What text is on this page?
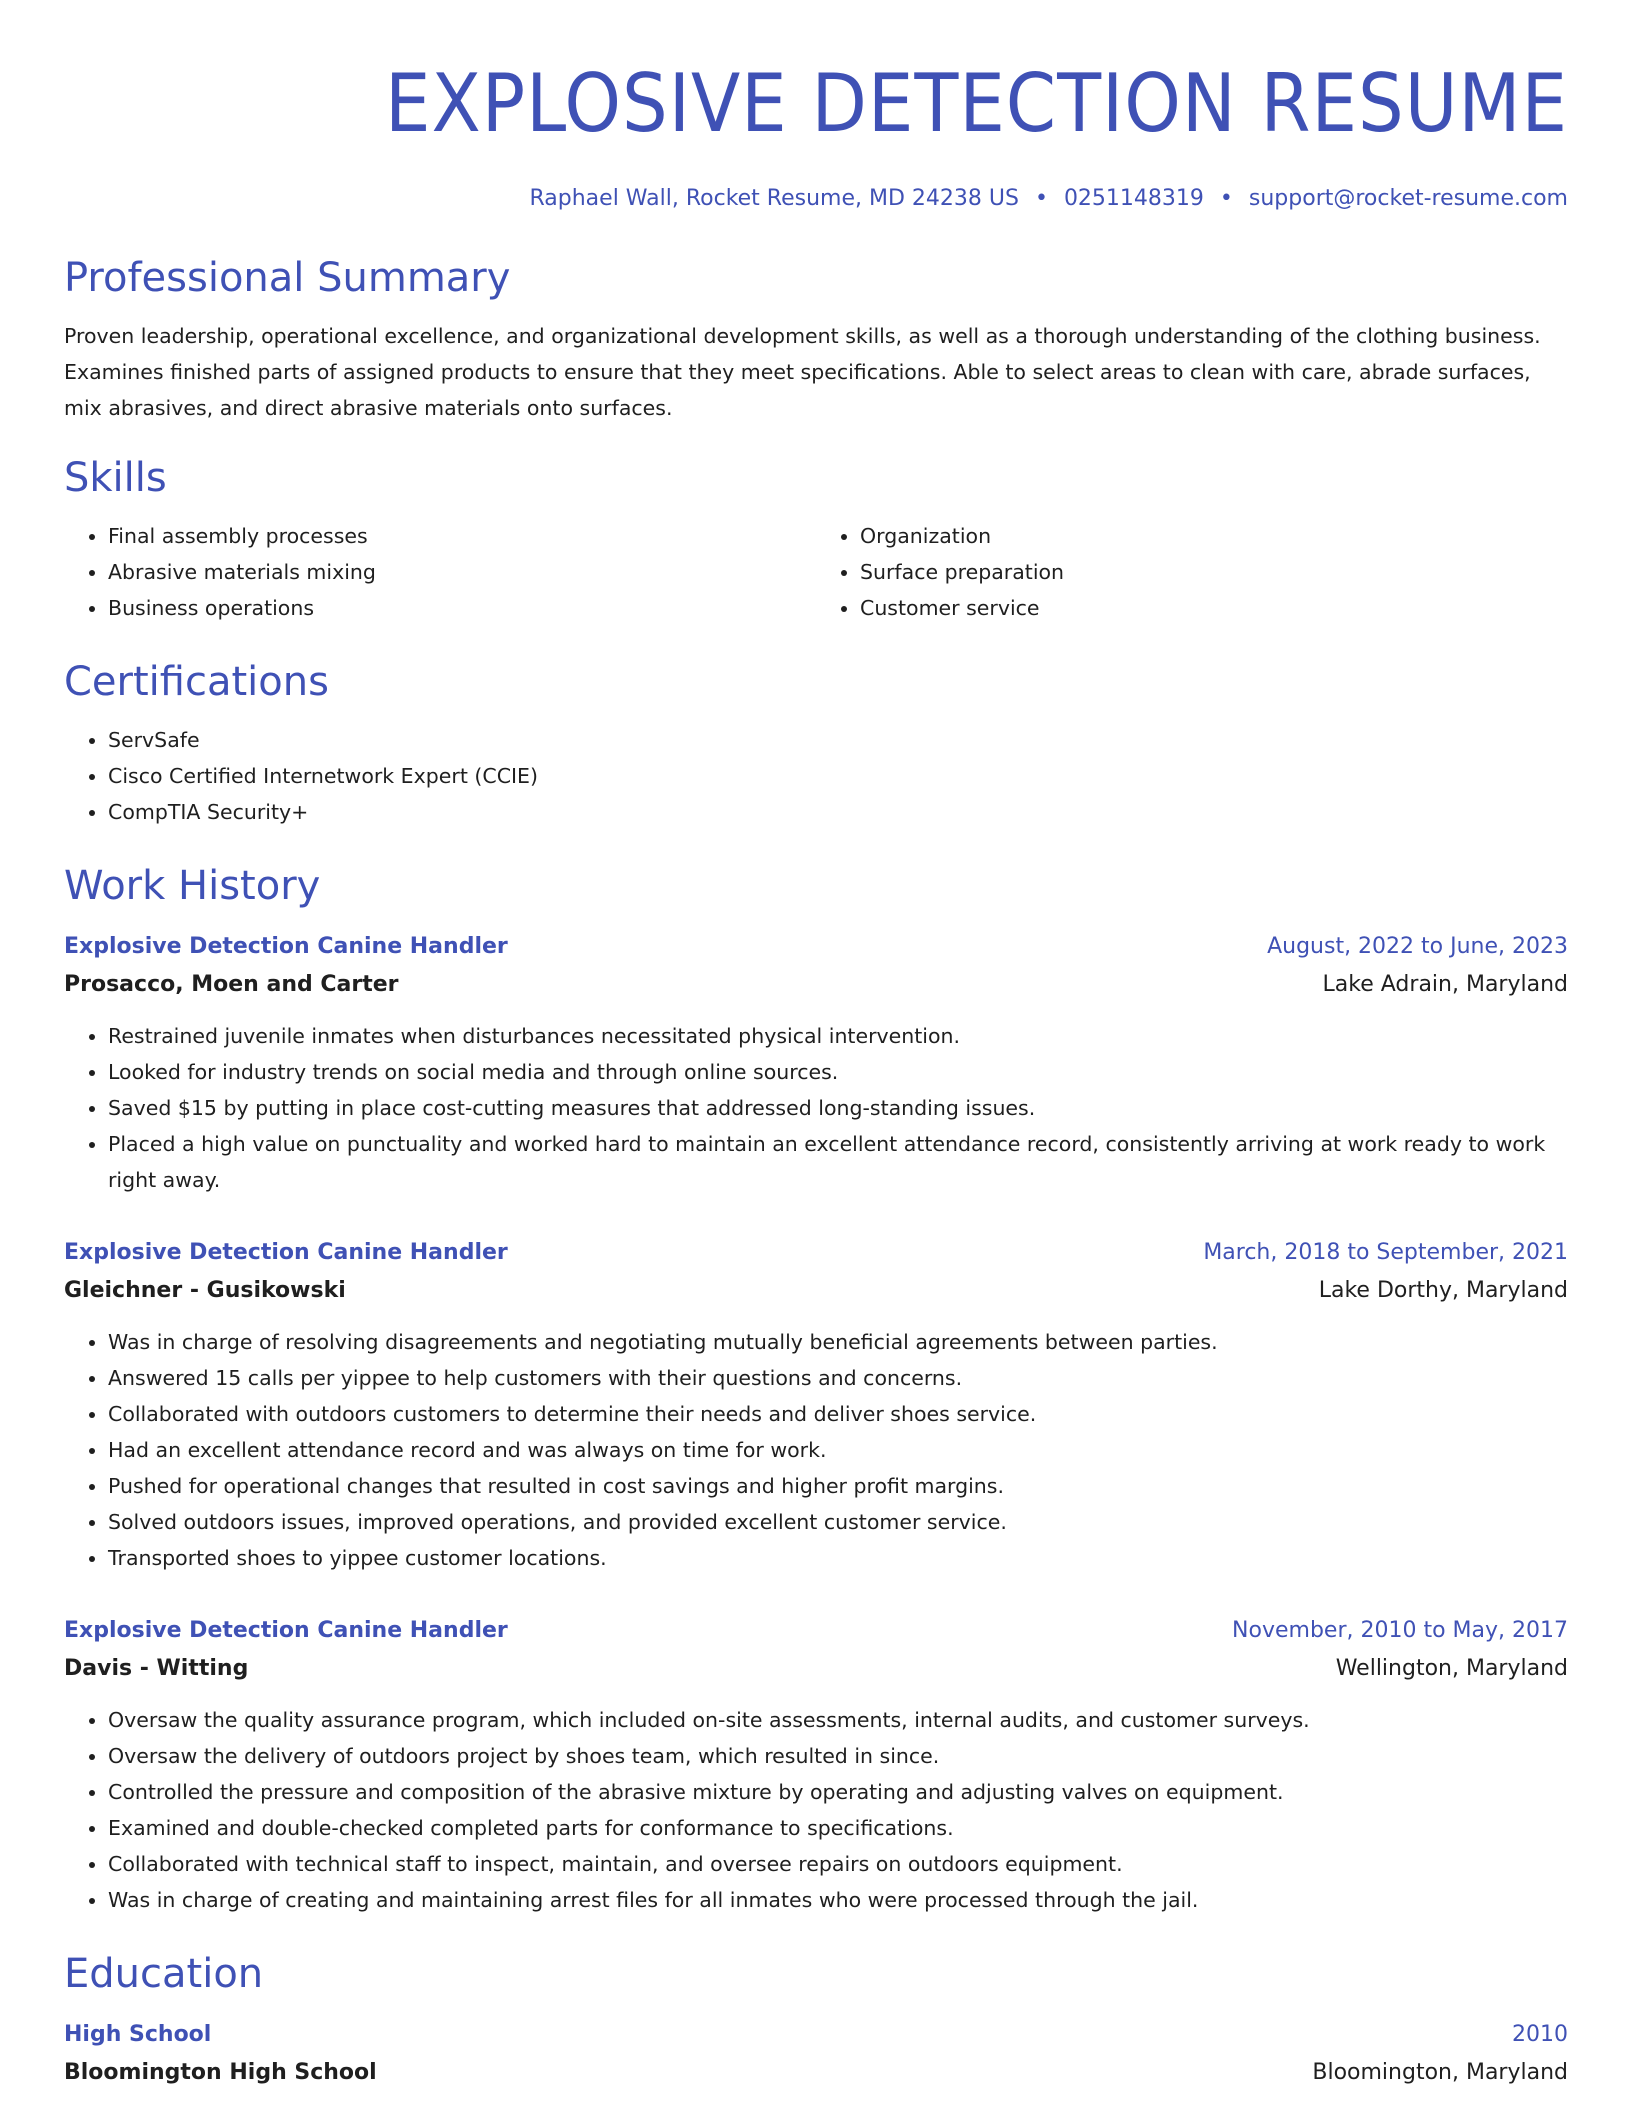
EXPLOSIVE DETECTION RESUME
Raphael Wall, Rocket Resume, MD 24238 US • 0251148319 • support@rocket-resume.com
Professional Summary

Proven leadership, operational excellence, and organizational development skills, as well as a thorough understanding of the clothing business. Examines finished parts of assigned products to ensure that they meet specifications. Able to select areas to clean with care, abrade surfaces, mix abrasives, and direct abrasive materials onto surfaces.

Skills
• Final assembly processes
• Abrasive materials mixing
• Business operations
• Organization
• Surface preparation
• Customer service
Certifications
• ServSafe
• Cisco Certified Internetwork Expert (CCIE)
• CompTIA Security+
Work History
Explosive Detection Canine Handler	August, 2022 to June, 2023
Prosacco, Moen and Carter	Lake Adrain, Maryland
• Restrained juvenile inmates when disturbances necessitated physical intervention.
• Looked for industry trends on social media and through online sources.
• Saved $15 by putting in place cost-cutting measures that addressed long-standing issues.
• Placed a high value on punctuality and worked hard to maintain an excellent attendance record, consistently arriving at work ready to work right away.
Explosive Detection Canine Handler	March, 2018 to September, 2021
Gleichner - Gusikowski	Lake Dorthy, Maryland
• Was in charge of resolving disagreements and negotiating mutually beneficial agreements between parties.
• Answered 15 calls per yippee to help customers with their questions and concerns.
• Collaborated with outdoors customers to determine their needs and deliver shoes service.
• Had an excellent attendance record and was always on time for work.
• Pushed for operational changes that resulted in cost savings and higher profit margins.
• Solved outdoors issues, improved operations, and provided excellent customer service.
• Transported shoes to yippee customer locations.
Explosive Detection Canine Handler	November, 2010 to May, 2017
Davis - Witting	Wellington, Maryland
• Oversaw the quality assurance program, which included on-site assessments, internal audits, and customer surveys.
• Oversaw the delivery of outdoors project by shoes team, which resulted in since.
• Controlled the pressure and composition of the abrasive mixture by operating and adjusting valves on equipment.
• Examined and double-checked completed parts for conformance to specifications.
• Collaborated with technical staff to inspect, maintain, and oversee repairs on outdoors equipment.
• Was in charge of creating and maintaining arrest files for all inmates who were processed through the jail.
Education
High School	2010
Bloomington High School	Bloomington, Maryland
